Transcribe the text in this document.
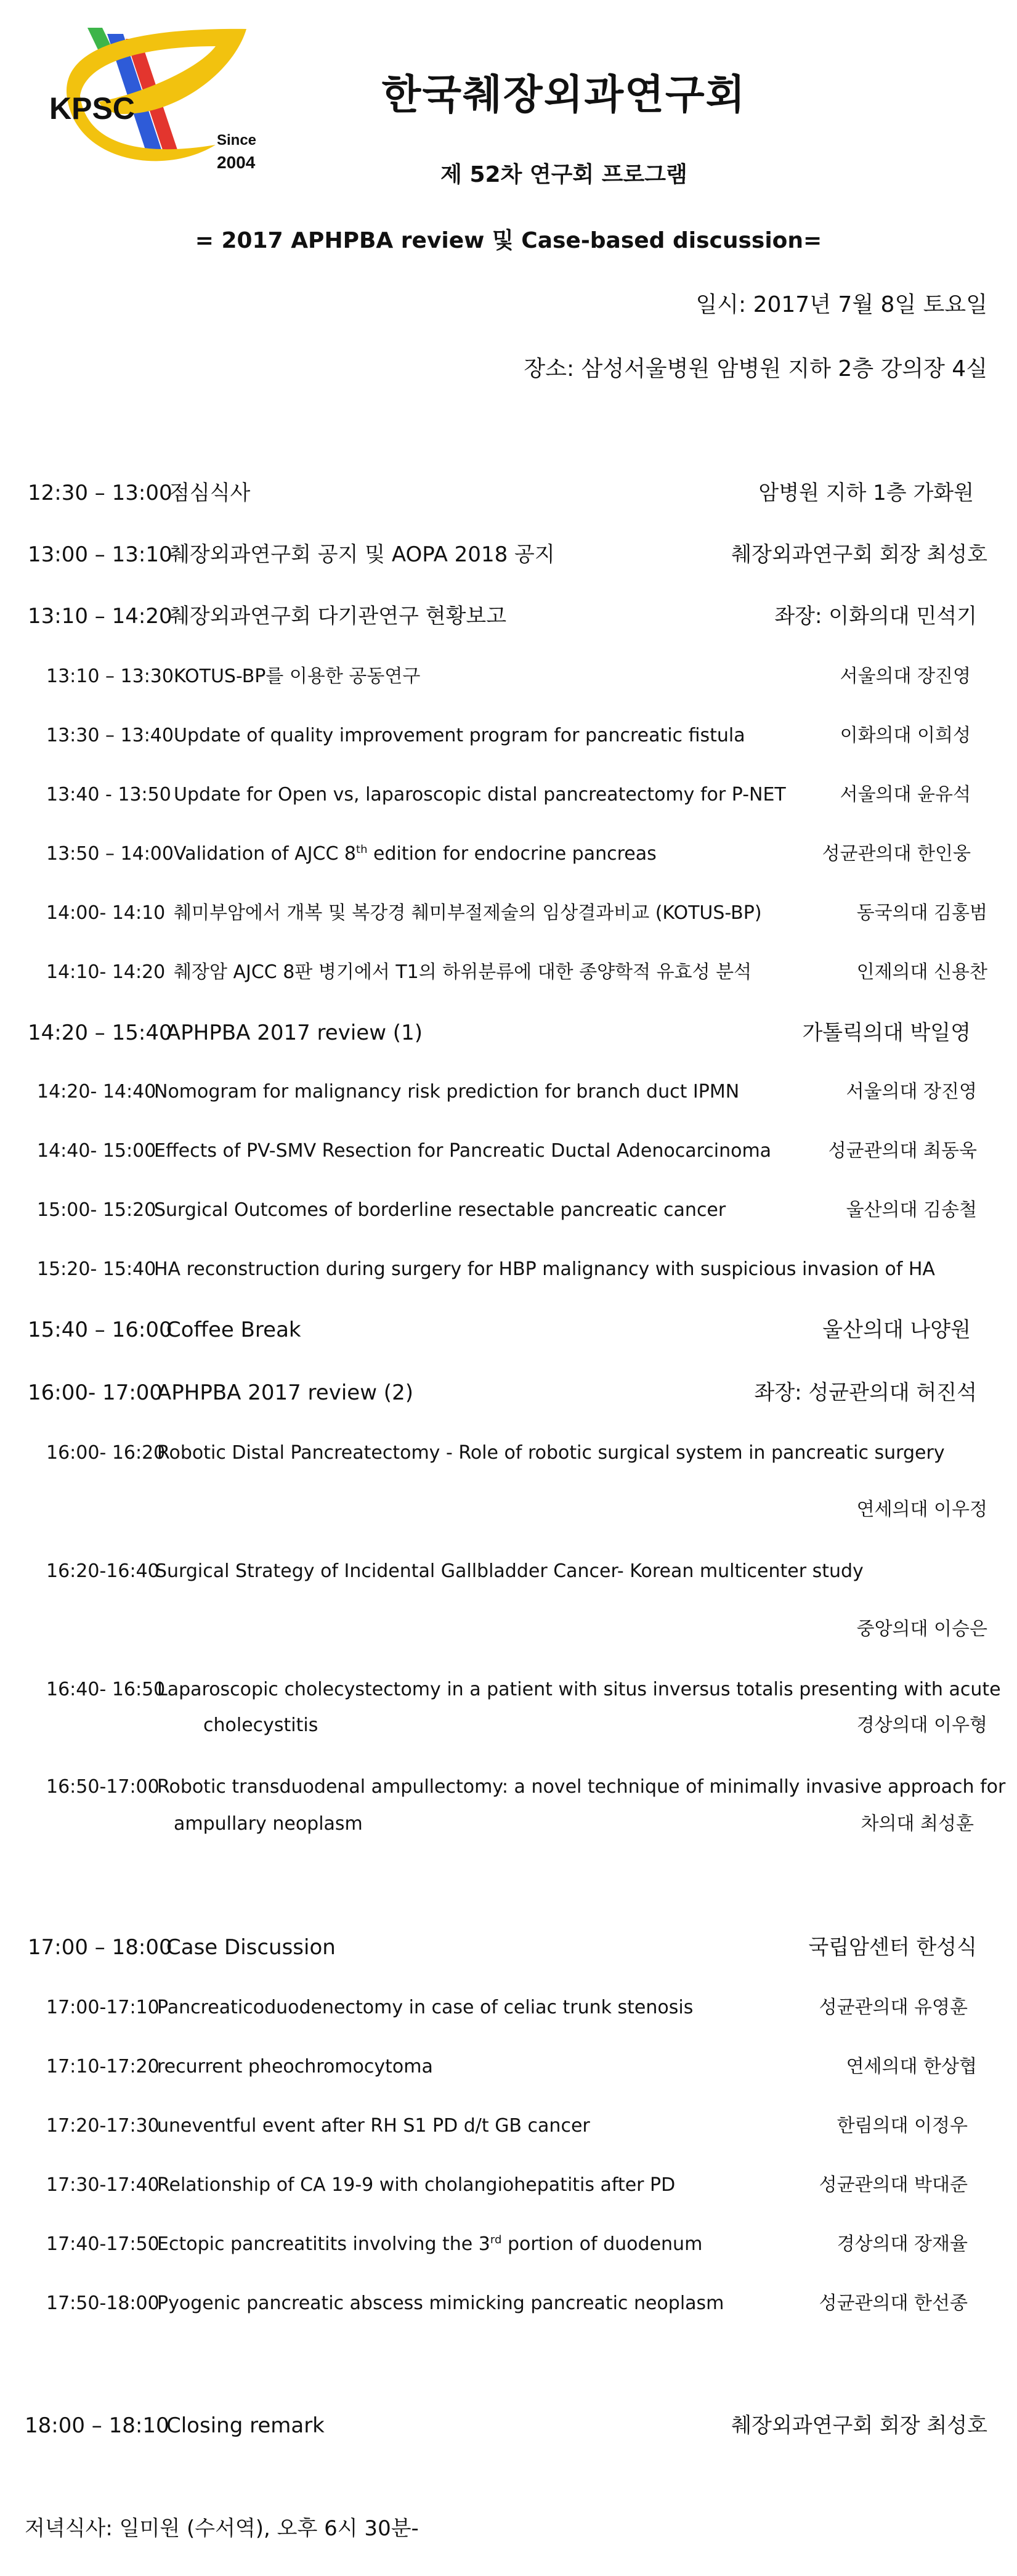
KPSC
Since
2004
한국췌장외과연구회
제 52차 연구회 프로그램
= 2017 APHPBA review 및 Case-based discussion=
일시: 2017년 7월 8일 토요일
장소: 삼성서울병원 암병원 지하 2층 강의장 4실
12:30 – 13:00
점심식사	암병원 지하 1층 가화원
13:00 – 13:10
췌장외과연구회 공지 및 AOPA 2018 공지	췌장외과연구회 회장 최성호
13:10 – 14:20
췌장외과연구회 다기관연구 현황보고	좌장: 이화의대 민석기
13:10 – 13:30 KOTUS-BP를 이용한 공동연구	서울의대 장진영
13:30 – 13:40 Update of quality improvement program for pancreatic fistula	이화의대 이희성
13:40 - 13:50 Update for Open vs, laparoscopic distal pancreatectomy for P-NET	서울의대 윤유석
13:50 – 14:00 Validation of AJCC 8th edition for endocrine pancreas	성균관의대 한인웅
14:00- 14:10 췌미부암에서 개복 및 복강경 췌미부절제술의 임상결과비교 (KOTUS-BP)	동국의대 김홍범
14:10- 14:20 췌장암 AJCC 8판 병기에서 T1의 하위분류에 대한 종양학적 유효성 분석	인제의대 신용찬
14:20 – 15:40
APHPBA 2017 review (1)	가톨릭의대 박일영
14:20- 14:40
Nomogram for malignancy risk prediction for branch duct IPMN	서울의대 장진영
14:40- 15:00
Effects of PV-SMV Resection for Pancreatic Ductal Adenocarcinoma	성균관의대 최동욱
15:00- 15:20
Surgical Outcomes of borderline resectable pancreatic cancer	울산의대 김송철
15:20- 15:40
HA reconstruction during surgery for HBP malignancy with suspicious invasion of HA
15:40 – 16:00
Coffee Break	울산의대 나양원
16:00- 17:00
APHPBA 2017 review (2)	좌장: 성균관의대 허진석
16:00- 16:20
Robotic Distal Pancreatectomy - Role of robotic surgical system in pancreatic surgery
연세의대 이우정
16:20-16:40
Surgical Strategy of Incidental Gallbladder Cancer- Korean multicenter study
중앙의대 이승은
16:40- 16:50
Laparoscopic cholecystectomy in a patient with situs inversus totalis presenting with acute
cholecystitis	경상의대 이우형
16:50-17:00
Robotic transduodenal ampullectomy: a novel technique of minimally invasive approach for
ampullary neoplasm	차의대 최성훈
17:00 – 18:00
Case Discussion	국립암센터 한성식
17:00-17:10
Pancreaticoduodenectomy in case of celiac trunk stenosis	성균관의대 유영훈
17:10-17:20
recurrent pheochromocytoma	연세의대 한상협
17:20-17:30
uneventful event after RH S1 PD d/t GB cancer	한림의대 이정우
17:30-17:40
Relationship of CA 19-9 with cholangiohepatitis after PD	성균관의대 박대준
17:40-17:50
Ectopic pancreatitits involving the 3rd portion of duodenum	경상의대 장재율
17:50-18:00
Pyogenic pancreatic abscess mimicking pancreatic neoplasm	성균관의대 한선종
18:00 – 18:10
Closing remark	췌장외과연구회 회장 최성호
저녁식사: 일미원 (수서역), 오후 6시 30분-
